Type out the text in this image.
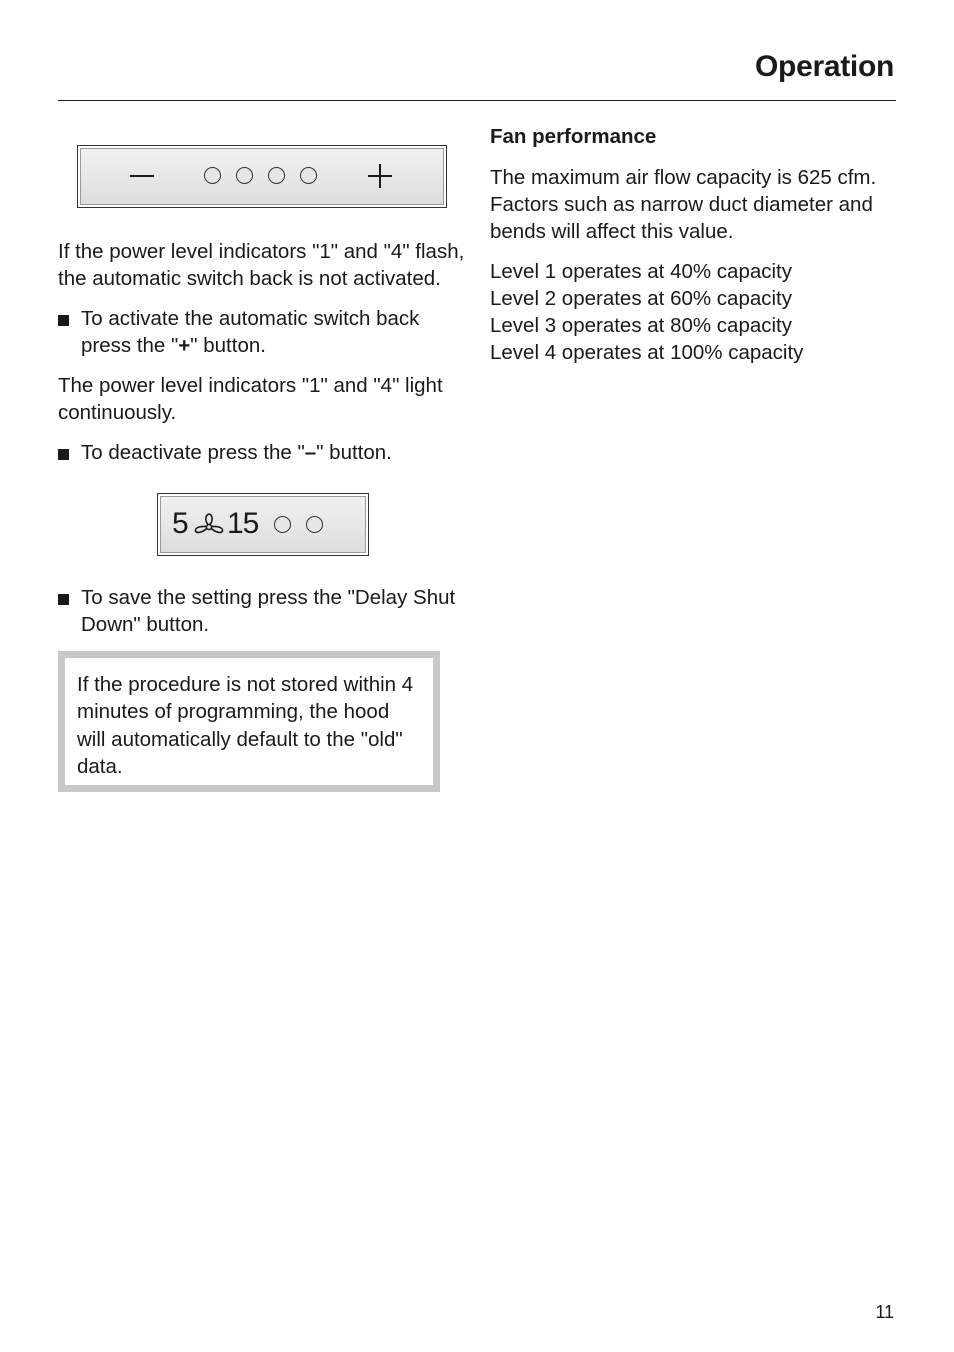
Operation

If the power level indicators "1" and "4" flash, the automatic switch back is not activated.

To activate the automatic switch back press the "+" button.

The power level indicators "1" and "4" light continuously.

To deactivate press the "–" button.
5 15
To save the setting press the "Delay Shut Down" button.
If the procedure is not stored within 4 minutes of programming, the hood will automatically default to the "old" data.
Fan performance

The maximum air flow capacity is 625 cfm. Factors such as narrow duct diameter and bends will affect this value.

Level 1 operates at 40% capacity
Level 2 operates at 60% capacity
Level 3 operates at 80% capacity
Level 4 operates at 100% capacity
11
